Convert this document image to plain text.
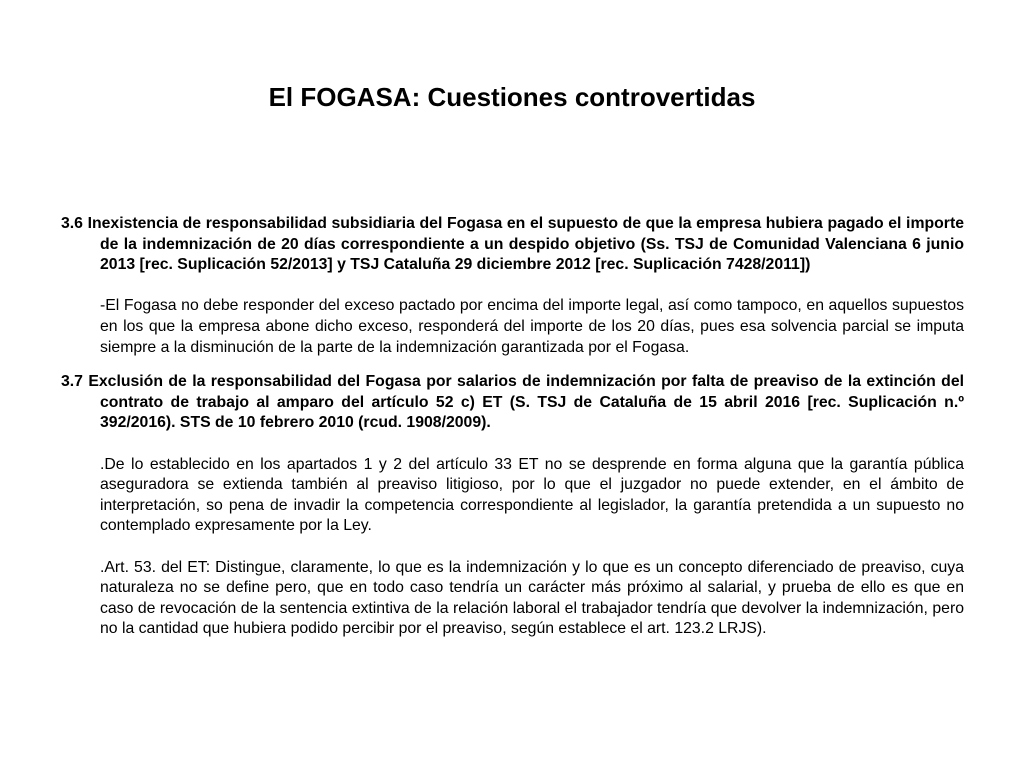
El FOGASA: Cuestiones controvertidas

3.6 Inexistencia de responsabilidad subsidiaria del Fogasa en el supuesto de que la empresa hubiera pagado el importe de la indemnización de 20 días correspondiente a un despido objetivo (Ss. TSJ de Comunidad Valenciana 6 junio 2013 [rec. Suplicación 52/2013] y TSJ Cataluña 29 diciembre 2012 [rec. Suplicación 7428/2011])

-El Fogasa no debe responder del exceso pactado por encima del importe legal, así como tampoco, en aquellos supuestos en los que la empresa abone dicho exceso, responderá del importe de los 20 días, pues esa solvencia parcial se imputa siempre a la disminución de la parte de la indemnización garantizada por el Fogasa.

3.7 Exclusión de la responsabilidad del Fogasa por salarios de indemnización por falta de preaviso de la extinción del contrato de trabajo al amparo del artículo 52 c) ET (S. TSJ de Cataluña de 15 abril 2016 [rec. Suplicación n.º 392/2016). STS de 10 febrero 2010 (rcud. 1908/2009).

.De lo establecido en los apartados 1 y 2 del artículo 33 ET no se desprende en forma alguna que la garantía pública aseguradora se extienda también al preaviso litigioso, por lo que el juzgador no puede extender, en el ámbito de interpretación, so pena de invadir la competencia correspondiente al legislador, la garantía pretendida a un supuesto no contemplado expresamente por la Ley.

.Art. 53. del ET: Distingue, claramente, lo que es la indemnización y lo que es un concepto diferenciado de preaviso, cuya naturaleza no se define pero, que en todo caso tendría un carácter más próximo al salarial, y prueba de ello es que en caso de revocación de la sentencia extintiva de la relación laboral el trabajador tendría que devolver la indemnización, pero no la cantidad que hubiera podido percibir por el preaviso, según establece el art. 123.2 LRJS).
